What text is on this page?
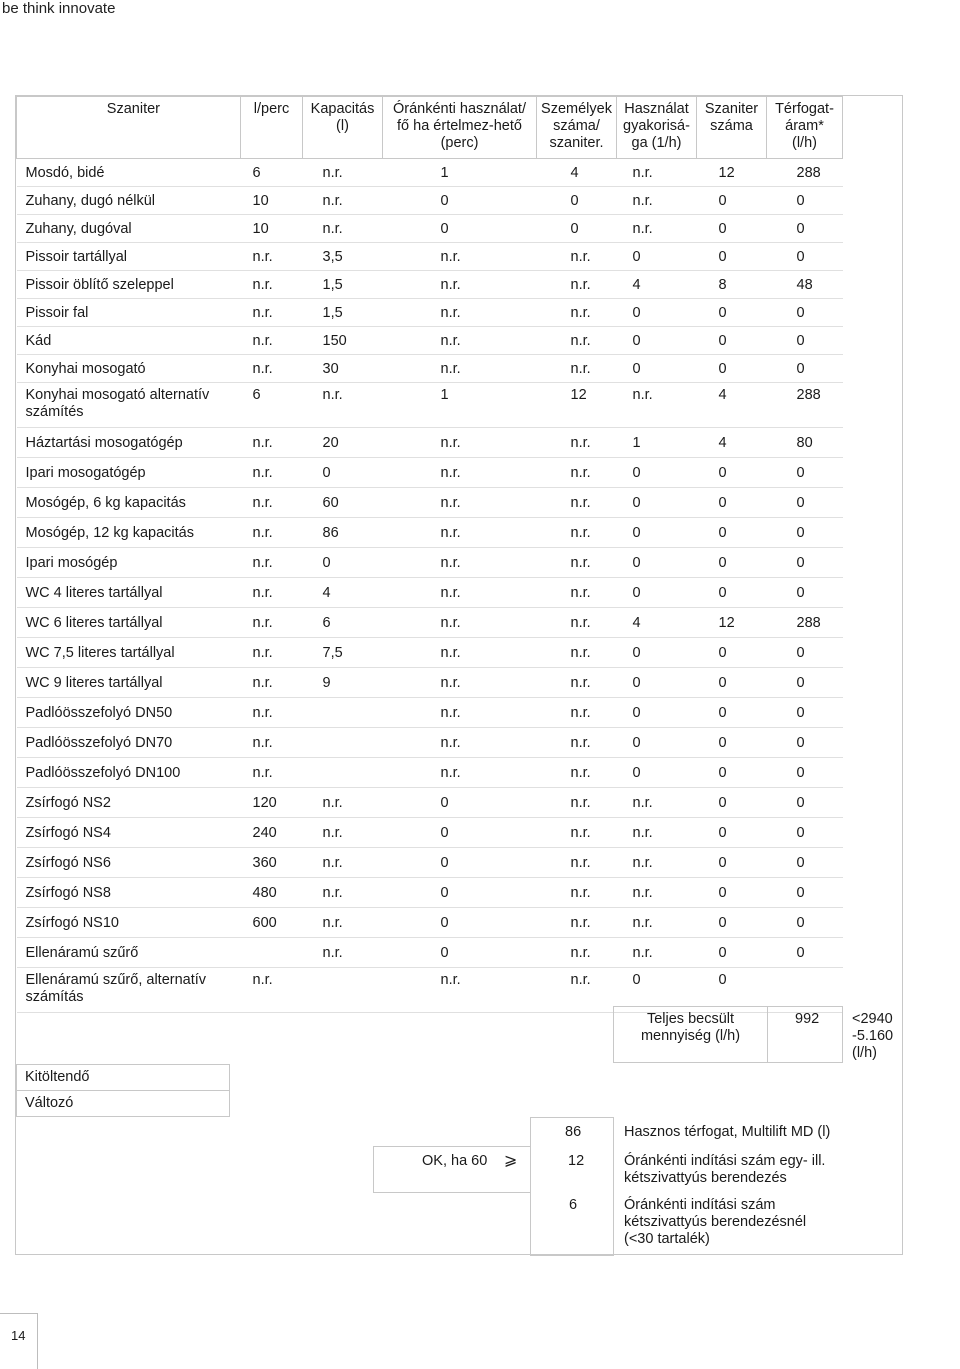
be think innovate
Szaniter	l/perc	Kapacitás (l)	Óránkénti használat/ fő ha értelmez-hető (perc)	Személyek száma/ szaniter.	Használat gyakorisá-ga (1/h)	Szaniter száma	Térfogat-áram* (l/h)
Mosdó, bidé	6	n.r.	1	4	n.r.	12	288
Zuhany, dugó nélkül	10	n.r.	0	0	n.r.	0	0
Zuhany, dugóval	10	n.r.	0	0	n.r.	0	0
Pissoir tartállyal	n.r.	3,5	n.r.	n.r.	0	0	0
Pissoir öblítő szeleppel	n.r.	1,5	n.r.	n.r.	4	8	48
Pissoir fal	n.r.	1,5	n.r.	n.r.	0	0	0
Kád	n.r.	150	n.r.	n.r.	0	0	0
Konyhai mosogató	n.r.	30	n.r.	n.r.	0	0	0
Konyhai mosogató alternatív számítés	6	n.r.	1	12	n.r.	4	288
Háztartási mosogatógép	n.r.	20	n.r.	n.r.	1	4	80
Ipari mosogatógép	n.r.	0	n.r.	n.r.	0	0	0
Mosógép, 6 kg kapacitás	n.r.	60	n.r.	n.r.	0	0	0
Mosógép, 12 kg kapacitás	n.r.	86	n.r.	n.r.	0	0	0
Ipari mosógép	n.r.	0	n.r.	n.r.	0	0	0
WC 4 literes tartállyal	n.r.	4	n.r.	n.r.	0	0	0
WC 6 literes tartállyal	n.r.	6	n.r.	n.r.	4	12	288
WC 7,5 literes tartállyal	n.r.	7,5	n.r.	n.r.	0	0	0
WC 9 literes tartállyal	n.r.	9	n.r.	n.r.	0	0	0
Padlóösszefolyó DN50	n.r.		n.r.	n.r.	0	0	0
Padlóösszefolyó DN70	n.r.		n.r.	n.r.	0	0	0
Padlóösszefolyó DN100	n.r.		n.r.	n.r.	0	0	0
Zsírfogó NS2	120	n.r.	0	n.r.	n.r.	0	0
Zsírfogó NS4	240	n.r.	0	n.r.	n.r.	0	0
Zsírfogó NS6	360	n.r.	0	n.r.	n.r.	0	0
Zsírfogó NS8	480	n.r.	0	n.r.	n.r.	0	0
Zsírfogó NS10	600	n.r.	0	n.r.	n.r.	0	0
Ellenáramú szűrő		n.r.	0	n.r.	n.r.	0	0
Ellenáramú szűrő, alternatív számítás	n.r.		n.r.	n.r.	0	0	
Teljes becsült mennyiség (l/h)
992 <2940 -5.160 (l/h)
Kitöltendő
Változó
OK, ha 60 ⩾
86	Hasznos térfogat, Multilift MD (l)
12	Óránkénti indítási szám egy- ill. kétszivattyús berendezés
6	Óránkénti indítási szám kétszivattyús berendezésnél (<30 tartalék)
14
